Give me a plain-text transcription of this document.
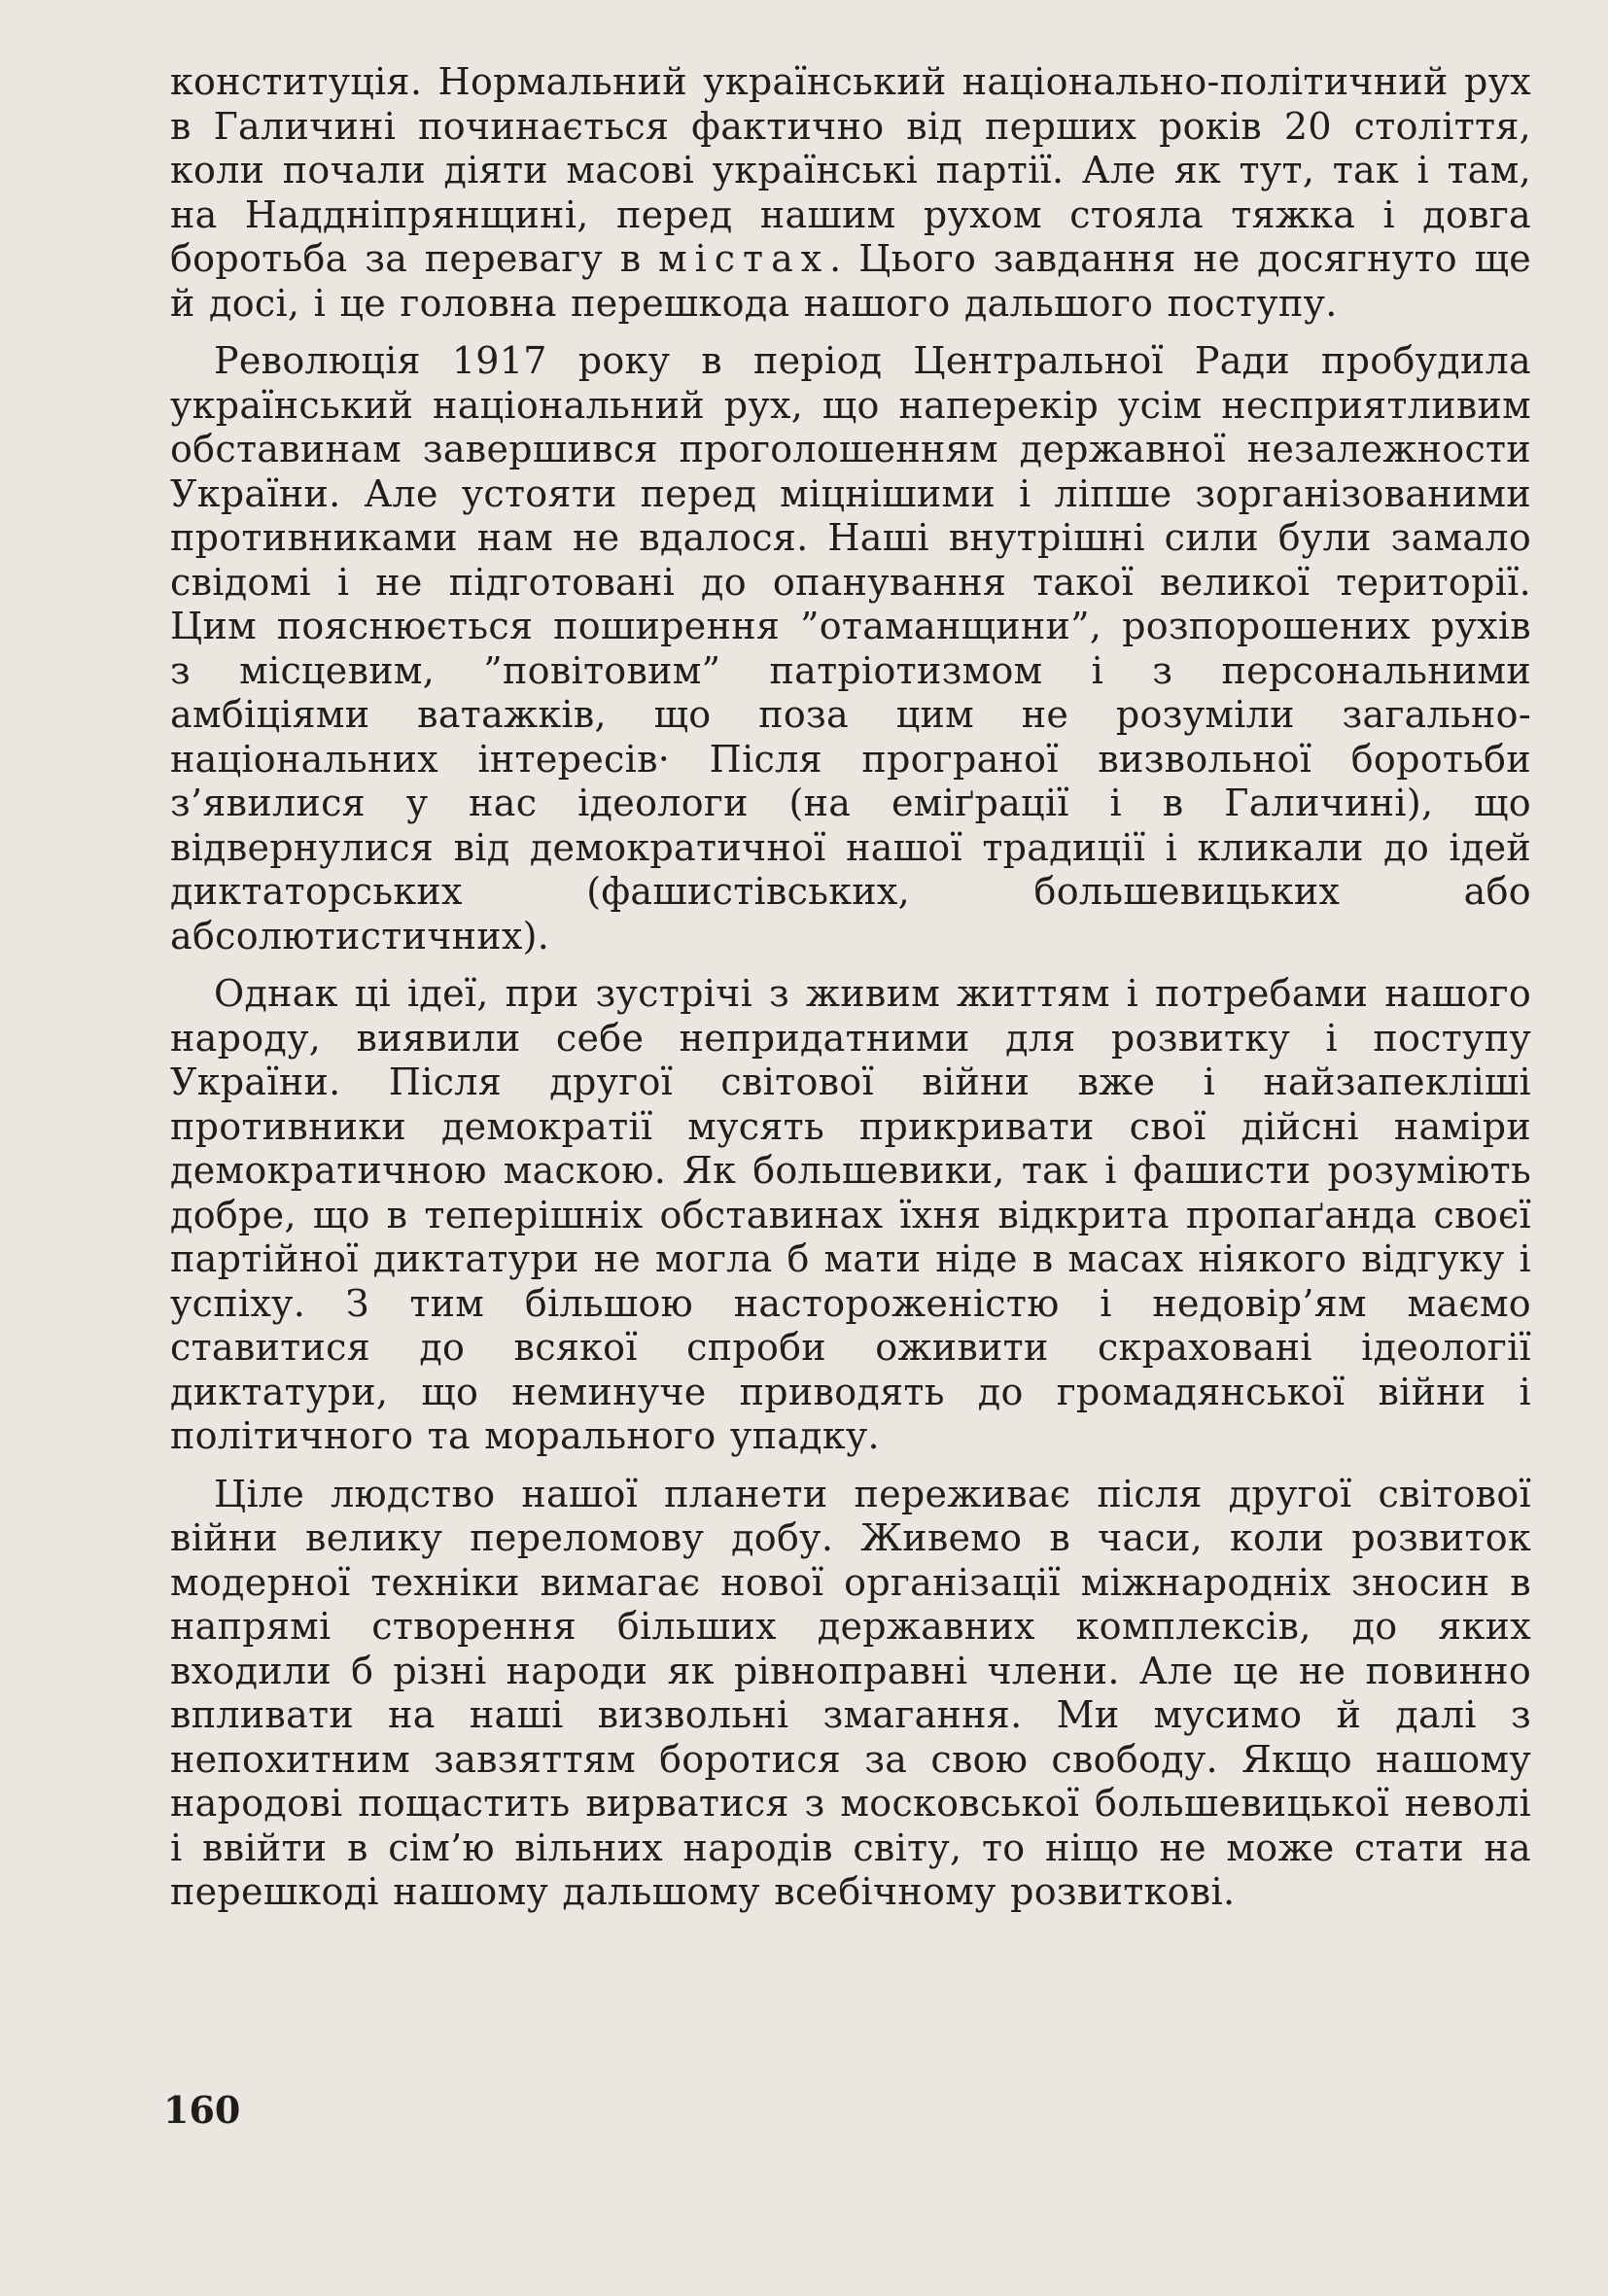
конституція. Нормальний український національно-політичний рух в Галичині починається фактично від перших років 20 століття, коли почали діяти масові українські партії. Але як тут, так і там, на Наддніпрянщині, перед нашим рухом стояла тяжка і довга боротьба за перевагу в містах. Цього завдання не досягнуто ще й досі, і це головна перешкода нашого дальшого поступу.

Революція 1917 року в період Центральної Ради пробудила український національний рух, що наперекір усім несприятливим обставинам завершився проголошенням державної незалежности України. Але устояти перед міцнішими і ліпше зорганізованими противниками нам не вдалося. Наші внутрішні сили були замало свідомі і не підготовані до опанування такої великої території. Цим пояснюється поширення ”отаманщини”, розпорошених рухів з місцевим, ”повітовим” патріотизмом і з персональними амбіціями ватажків, що поза цим не розуміли загально-національних інтересів· Після програної визвольної боротьби з’явилися у нас ідеологи (на еміґрації і в Галичині), що відвернулися від демократичної нашої традиції і кликали до ідей диктаторських (фашистівських, большевицьких або абсолютистичних).

Однак ці ідеї, при зустрічі з живим життям і потребами нашого народу, виявили себе непридатними для розвитку і поступу України. Після другої світової війни вже і найзапекліші противники демократії мусять прикривати свої дійсні наміри демократичною маскою. Як большевики, так і фашисти розуміють добре, що в теперішніх обставинах їхня відкрита пропаґанда своєї партійної диктатури не могла б мати ніде в масах ніякого відгуку і успіху. З тим більшою настороженістю і недовір’ям маємо ставитися до всякої спроби оживити скраховані ідеології диктатури, що неминуче приводять до громадянської війни і політичного та морального упадку.

Ціле людство нашої планети переживає після другої світової війни велику переломову добу. Живемо в часи, коли розвиток модерної техніки вимагає нової організації міжнародніх зносин в напрямі створення більших державних комплексів, до яких входили б різні народи як рівноправні члени. Але це не повинно впливати на наші визвольні змагання. Ми мусимо й далі з непохитним завзяттям боротися за свою свободу. Якщо нашому народові пощастить вирватися з московської большевицької неволі і ввійти в сім’ю вільних народів світу, то ніщо не може стати на перешкоді нашому дальшому всебічному розвиткові.

160
